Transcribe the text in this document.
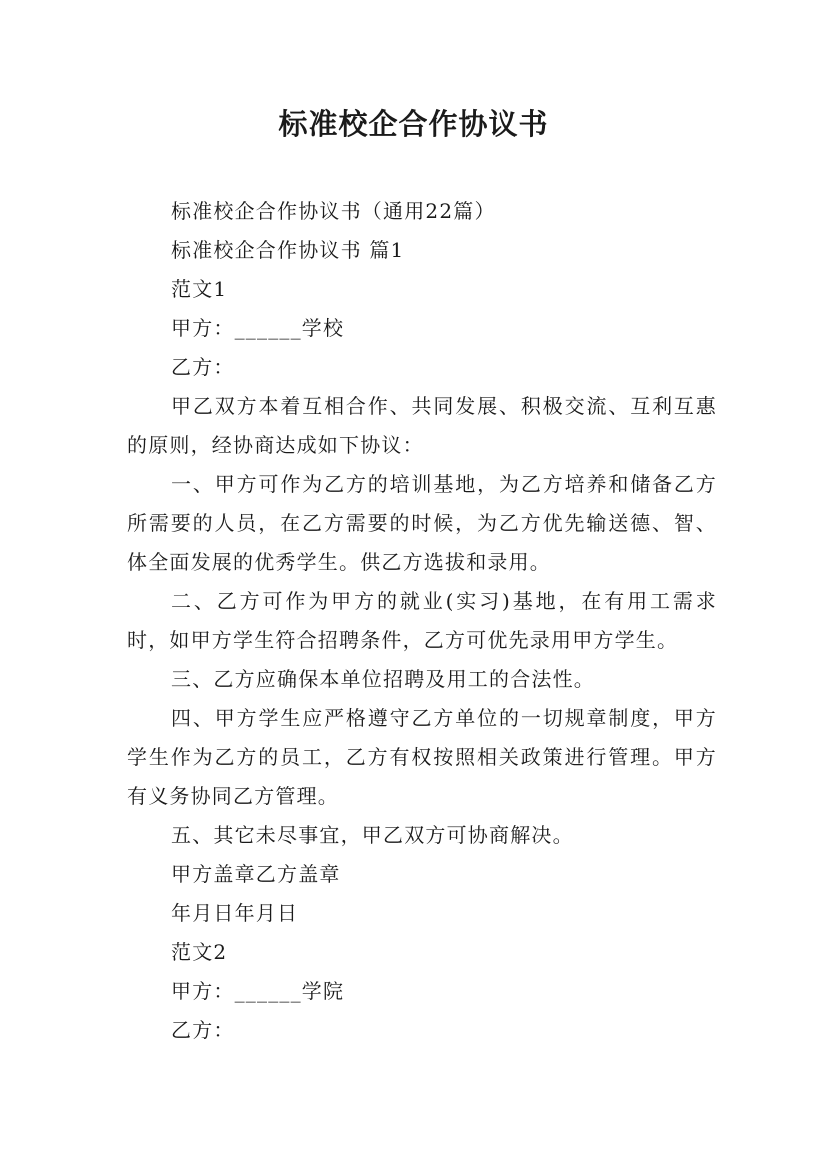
标准校企合作协议书

标准校企合作协议书（通用22篇）

标准校企合作协议书 篇1

范文1

甲方：______学校

乙方：

甲乙双方本着互相合作、共同发展、积极交流、互利互惠的原则，经协商达成如下协议：

一、甲方可作为乙方的培训基地，为乙方培养和储备乙方所需要的人员，在乙方需要的时候，为乙方优先输送德、智、体全面发展的优秀学生。供乙方选拔和录用。

二、乙方可作为甲方的就业(实习)基地，在有用工需求时，如甲方学生符合招聘条件，乙方可优先录用甲方学生。

三、乙方应确保本单位招聘及用工的合法性。

四、甲方学生应严格遵守乙方单位的一切规章制度，甲方学生作为乙方的员工，乙方有权按照相关政策进行管理。甲方有义务协同乙方管理。

五、其它未尽事宜，甲乙双方可协商解决。

甲方盖章乙方盖章

年月日年月日

范文2

甲方：______学院

乙方：
